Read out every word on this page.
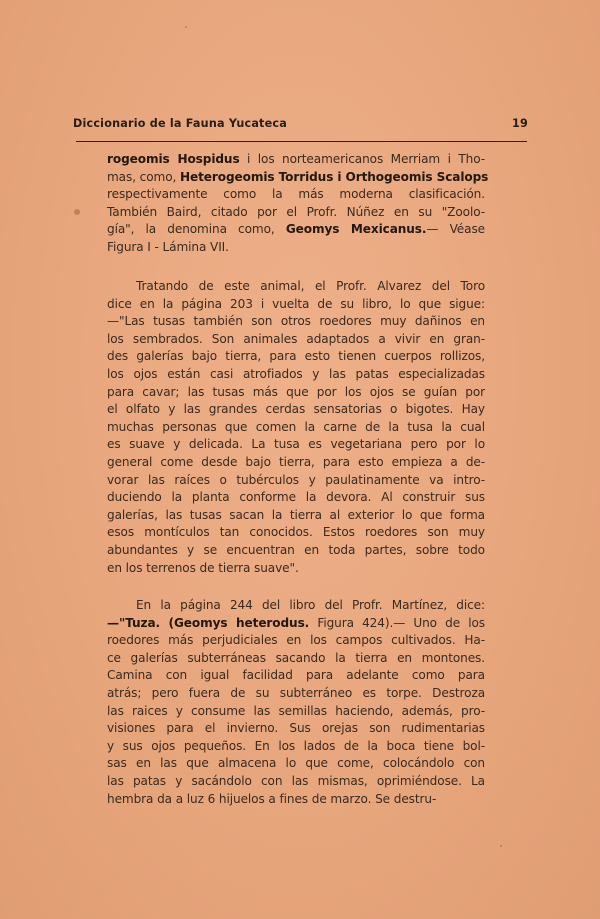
Diccionario de la Fauna Yucateca	19
rogeomis Hospidus i los norteamericanos Merriam i Tho-
mas, como, Heterogeomis Torridus i Orthogeomis Scalops
respectivamente como la más moderna clasificación.
También Baird, citado por el Profr. Núñez en su "Zoolo-
gía", la denomina como, Geomys Mexicanus.— Véase
Figura I - Lámina VII.
Tratando de este animal, el Profr. Alvarez del Toro
dice en la página 203 i vuelta de su libro, lo que sigue:
—"Las tusas también son otros roedores muy dañinos en
los sembrados. Son animales adaptados a vivir en gran-
des galerías bajo tierra, para esto tienen cuerpos rollizos,
los ojos están casi atrofiados y las patas especializadas
para cavar; las tusas más que por los ojos se guían por
el olfato y las grandes cerdas sensatorias o bigotes. Hay
muchas personas que comen la carne de la tusa la cual
es suave y delicada. La tusa es vegetariana pero por lo
general come desde bajo tierra, para esto empieza a de-
vorar las raíces o tubérculos y paulatinamente va intro-
duciendo la planta conforme la devora. Al construir sus
galerías, las tusas sacan la tierra al exterior lo que forma
esos montículos tan conocidos. Estos roedores son muy
abundantes y se encuentran en toda partes, sobre todo
en los terrenos de tierra suave".
En la página 244 del libro del Profr. Martínez, dice:
—"Tuza. (Geomys heterodus. Figura 424).— Uno de los
roedores más perjudiciales en los campos cultivados. Ha-
ce galerías subterráneas sacando la tierra en montones.
Camina con igual facilidad para adelante como para
atrás; pero fuera de su subterráneo es torpe. Destroza
las raices y consume las semillas haciendo, además, pro-
visiones para el invierno. Sus orejas son rudimentarias
y sus ojos pequeños. En los lados de la boca tiene bol-
sas en las que almacena lo que come, colocándolo con
las patas y sacándolo con las mismas, oprimiéndose. La
hembra da a luz 6 hijuelos a fines de marzo. Se destru-
